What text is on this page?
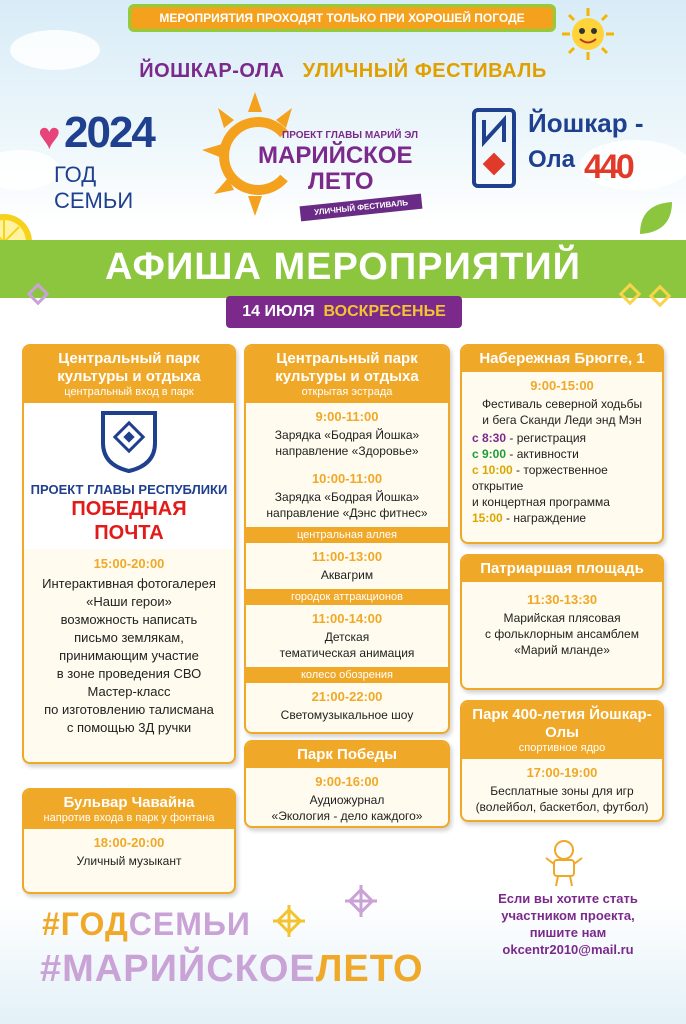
МЕРОПРИЯТИЯ ПРОХОДЯТ ТОЛЬКО ПРИ ХОРОШЕЙ ПОГОДЕ
ЙОШКАР-ОЛА УЛИЧНЫЙ ФЕСТИВАЛЬ
♥ 2024
ГОД СЕМЬИ
ПРОЕКТ ГЛАВЫ МАРИЙ ЭЛ
МАРИЙСКОЕ
ЛЕТО
УЛИЧНЫЙ ФЕСТИВАЛЬ
Йошкар -
Ола 440
АФИША МЕРОПРИЯТИЙ
14 ИЮЛЯ ВОСКРЕСЕНЬЕ
Центральный парк культуры и отдыха
центральный вход в парк
ПРОЕКТ ГЛАВЫ РЕСПУБЛИКИ
ПОБЕДНАЯ
ПОЧТА
15:00-20:00
Интерактивная фотогалерея
«Наши герои»
возможность написать
письмо землякам,
принимающим участие
в зоне проведения СВО
Мастер-класс
по изготовлению талисмана
с помощью 3Д ручки
Бульвар Чавайна
напротив входа в парк у фонтана
18:00-20:00
Уличный музыкант
Центральный парк культуры и отдыха
открытая эстрада
9:00-11:00
Зарядка «Бодрая Йошка»
направление «Здоровье»
10:00-11:00
Зарядка «Бодрая Йошка»
направление «Дэнс фитнес»
центральная аллея
11:00-13:00
Аквагрим
городок аттракционов
11:00-14:00
Детская
тематическая анимация
колесо обозрения
21:00-22:00
Светомузыкальное шоу
Парк Победы
9:00-16:00
Аудиожурнал
«Экология - дело каждого»
Набережная Брюгге, 1
9:00-15:00
Фестиваль северной ходьбы
и бега Сканди Леди энд Мэн
с 8:30 - регистрация
с 9:00 - активности
с 10:00 - торжественное открытие
и концертная программа
15:00 - награждение
Патриаршая площадь
11:30-13:30
Марийская плясовая
с фольклорным ансамблем
«Марий мланде»
Парк 400-летия Йошкар-Олы
спортивное ядро
17:00-19:00
Бесплатные зоны для игр
(волейбол, баскетбол, футбол)
#ГОДСЕМЬИ
#МАРИЙСКОЕЛЕТО
Если вы хотите стать
участником проекта,
пишите нам
okcentr2010@mail.ru
